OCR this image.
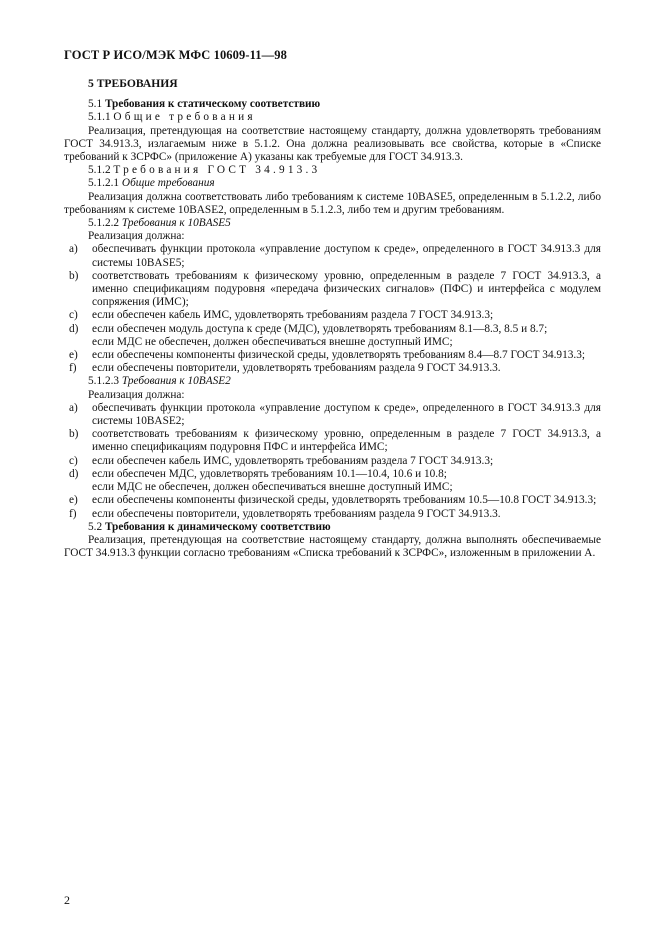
ГОСТ Р ИСО/МЭК МФС 10609-11—98

5 ТРЕБОВАНИЯ

5.1 Требования к статическому соответствию

5.1.1 Общие требования

Реализация, претендующая на соответствие настоящему стандарту, должна удовлетворять требованиям ГОСТ 34.913.3, излагаемым ниже в 5.1.2. Она должна реализовывать все свойства, которые в «Списке требований к ЗСРФС» (приложение А) указаны как требуемые для ГОСТ 34.913.3.

5.1.2 Требования ГОСТ 34.913.3

5.1.2.1 Общие требования

Реализация должна соответствовать либо требованиям к системе 10BASE5, определенным в 5.1.2.2, либо требованиям к системе 10BASE2, определенным в 5.1.2.3, либо тем и другим требованиям.

5.1.2.2 Требования к 10BASE5

Реализация должна:

a)	обеспечивать функции протокола «управление доступом к среде», определенного в ГОСТ 34.913.3 для системы 10BASE5;
b)	соответствовать требованиям к физическому уровню, определенным в разделе 7 ГОСТ 34.913.3, а именно спецификациям подуровня «передача физических сигналов» (ПФС) и интерфейса с модулем сопряжения (ИМС);
c)	если обеспечен кабель ИМС, удовлетворять требованиям раздела 7 ГОСТ 34.913.3;
d)	если обеспечен модуль доступа к среде (МДС), удовлетворять требованиям 8.1—8.3, 8.5 и 8.7;
если МДС не обеспечен, должен обеспечиваться внешне доступный ИМС;
e)	если обеспечены компоненты физической среды, удовлетворять требованиям 8.4—8.7 ГОСТ 34.913.3;
f)	если обеспечены повторители, удовлетворять требованиям раздела 9 ГОСТ 34.913.3.

5.1.2.3 Требования к 10BASE2

Реализация должна:

a)	обеспечивать функции протокола «управление доступом к среде», определенного в ГОСТ 34.913.3 для системы 10BASE2;
b)	соответствовать требованиям к физическому уровню, определенным в разделе 7 ГОСТ 34.913.3, а именно спецификациям подуровня ПФС и интерфейса ИМС;
c)	если обеспечен кабель ИМС, удовлетворять требованиям раздела 7 ГОСТ 34.913.3;
d)	если обеспечен МДС, удовлетворять требованиям 10.1—10.4, 10.6 и 10.8;
если МДС не обеспечен, должен обеспечиваться внешне доступный ИМС;
e)	если обеспечены компоненты физической среды, удовлетворять требованиям 10.5—10.8 ГОСТ 34.913.3;
f)	если обеспечены повторители, удовлетворять требованиям раздела 9 ГОСТ 34.913.3.

5.2 Требования к динамическому соответствию

Реализация, претендующая на соответствие настоящему стандарту, должна выполнять обеспечиваемые ГОСТ 34.913.3 функции согласно требованиям «Списка требований к ЗСРФС», изложенным в приложении А.

2
